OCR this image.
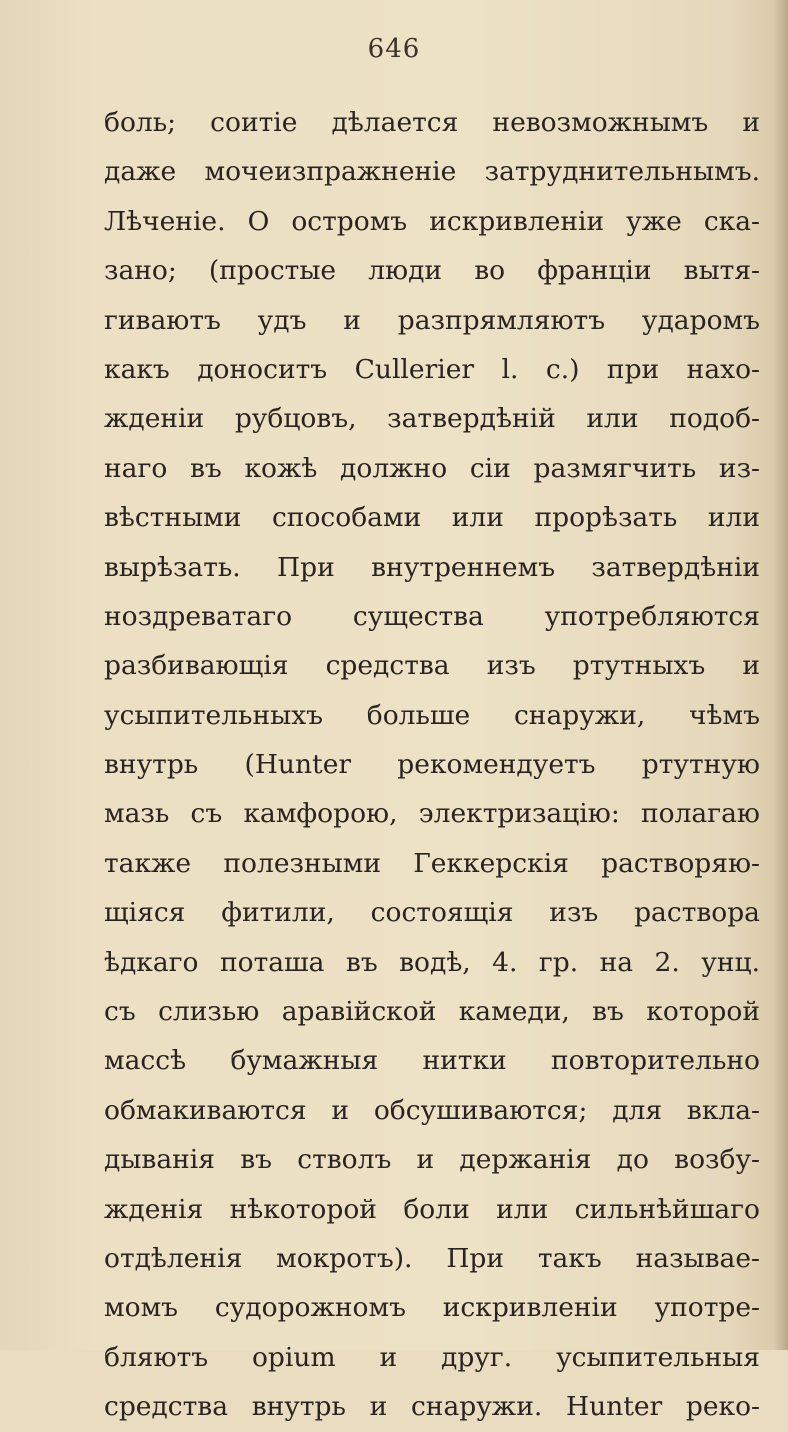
646
боль; соитіе дѣлается невозможнымъ и
даже мочеизпражненіе затруднительнымъ.
Лѣченіе. О остромъ искривленіи уже ска-
зано; (простые люди во франціи вытя-
гиваютъ удъ и разпрямляютъ ударомъ
какъ доноситъ Cullerier l. c.) при нахо-
жденіи рубцовъ, затвердѣній или подоб-
наго въ кожѣ должно сіи размягчить из-
вѣстными способами или прорѣзать или
вырѣзать. При внутреннемъ затвердѣніи
ноздреватаго существа употребляются
разбивающія средства изъ ртутныхъ и
усыпительныхъ больше снаружи, чѣмъ
внутрь (Hunter рекомендуетъ ртутную
мазь съ камфорою, электризацію: полагаю
также полезными Геккерскія растворяю-
щіяся фитили, состоящія изъ раствора
ѣдкаго поташа въ водѣ, 4. гр. на 2. унц.
съ слизью аравійской камеди, въ которой
массѣ бумажныя нитки повторительно
обмакиваются и обсушиваются; для вкла-
дыванія въ стволъ и держанія до возбу-
жденія нѣкоторой боли или сильнѣйшаго
отдѣленія мокротъ). При такъ называе-
момъ судорожномъ искривленіи употре-
бляютъ opium и друг. усыпительныя
средства внутрь и снаружи. Hunter реко-
